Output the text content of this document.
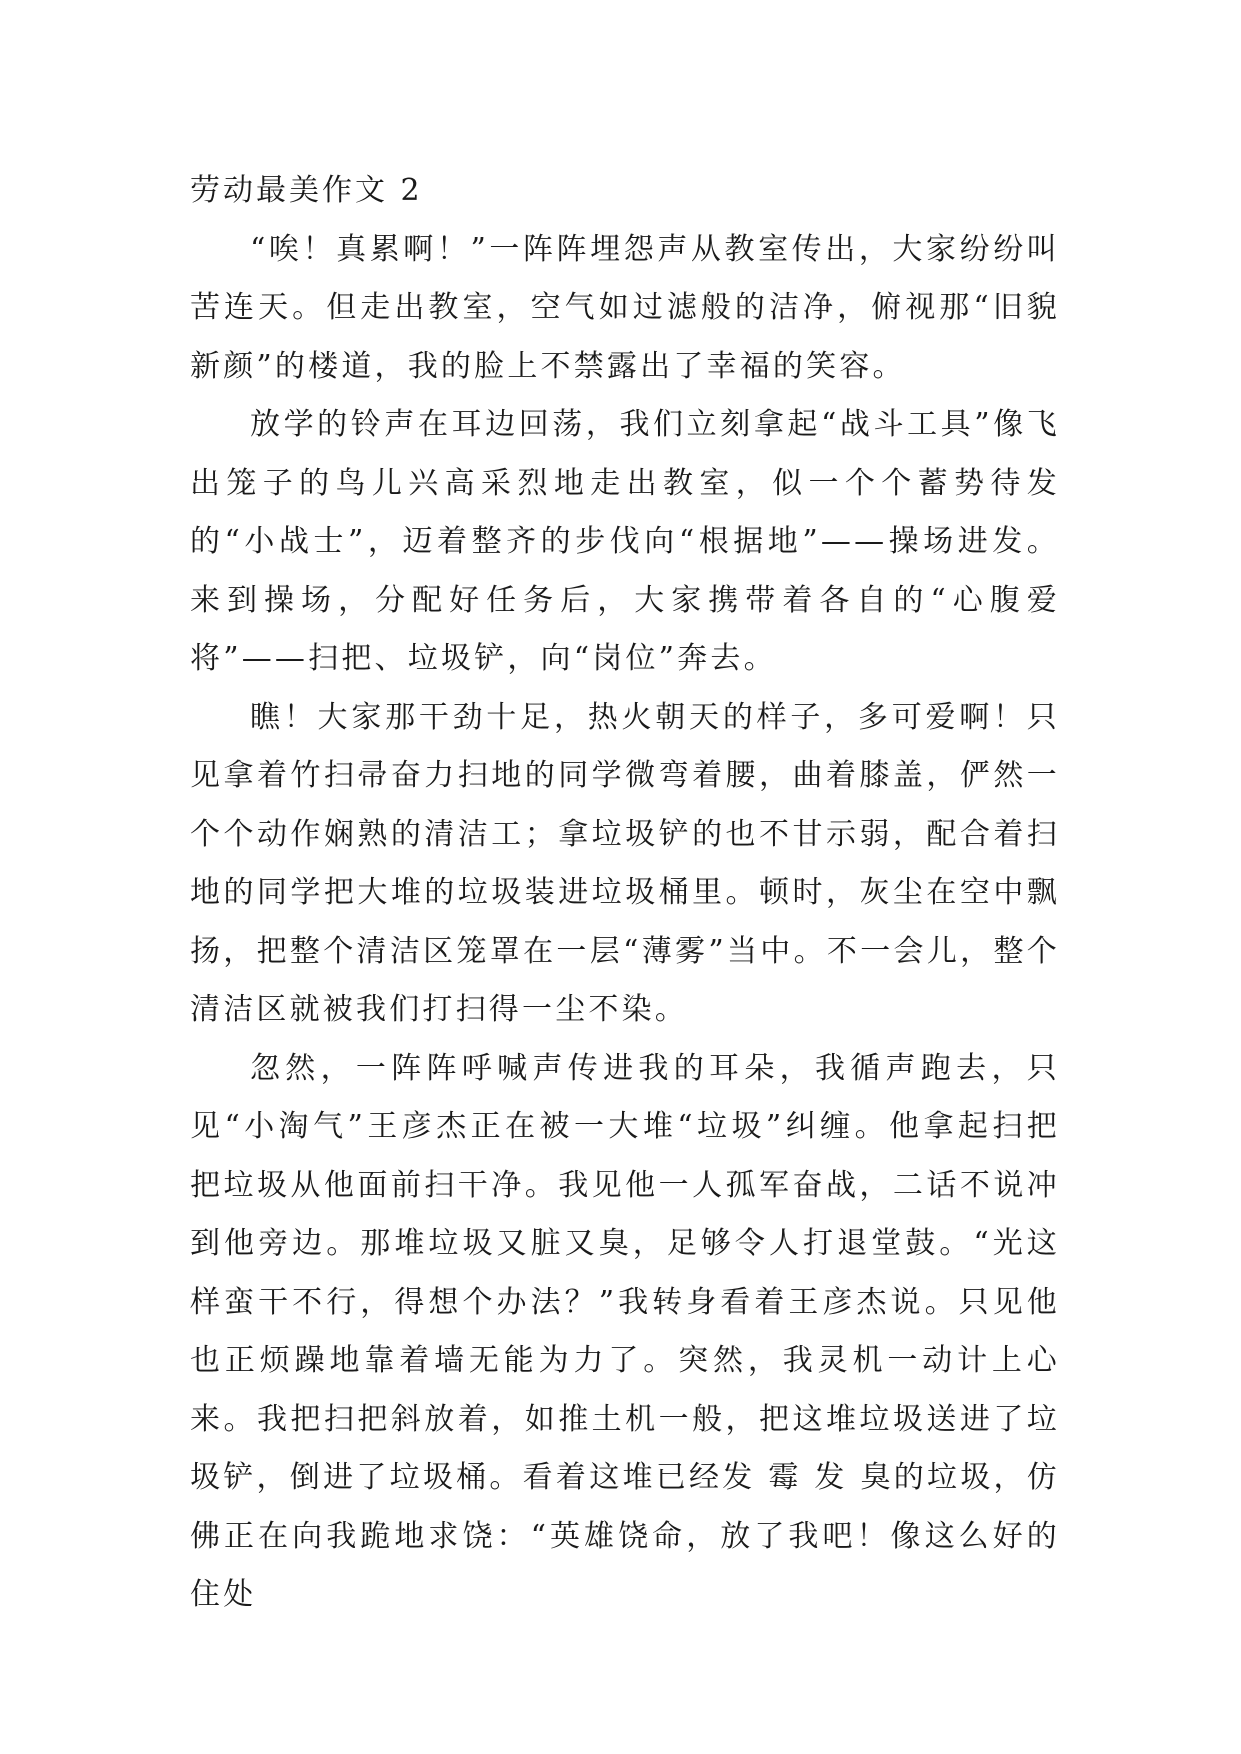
劳动最美作文 2

“唉！真累啊！”一阵阵埋怨声从教室传出，大家纷纷叫苦连天。但走出教室，空气如过滤般的洁净，俯视那“旧貌新颜”的楼道，我的脸上不禁露出了幸福的笑容。

放学的铃声在耳边回荡，我们立刻拿起“战斗工具”像飞出笼子的鸟儿兴高采烈地走出教室，似一个个蓄势待发的“小战士”，迈着整齐的步伐向“根据地”——操场进发。来到操场，分配好任务后，大家携带着各自的“心腹爱将”——扫把、垃圾铲，向“岗位”奔去。

瞧！大家那干劲十足，热火朝天的样子，多可爱啊！只见拿着竹扫帚奋力扫地的同学微弯着腰，曲着膝盖，俨然一个个动作娴熟的清洁工；拿垃圾铲的也不甘示弱，配合着扫地的同学把大堆的垃圾装进垃圾桶里。顿时，灰尘在空中飘扬，把整个清洁区笼罩在一层“薄雾”当中。不一会儿，整个清洁区就被我们打扫得一尘不染。

忽然，一阵阵呼喊声传进我的耳朵，我循声跑去，只见“小淘气”王彦杰正在被一大堆“垃圾”纠缠。他拿起扫把把垃圾从他面前扫干净。我见他一人孤军奋战，二话不说冲到他旁边。那堆垃圾又脏又臭，足够令人打退堂鼓。“光这样蛮干不行，得想个办法？”我转身看着王彦杰说。只见他也正烦躁地靠着墙无能为力了。突然，我灵机一动计上心来。我把扫把斜放着，如推土机一般，把这堆垃圾送进了垃圾铲，倒进了垃圾桶。看着这堆已经发 霉 发 臭的垃圾，仿佛正在向我跪地求饶：“英雄饶命，放了我吧！像这么好的住处
